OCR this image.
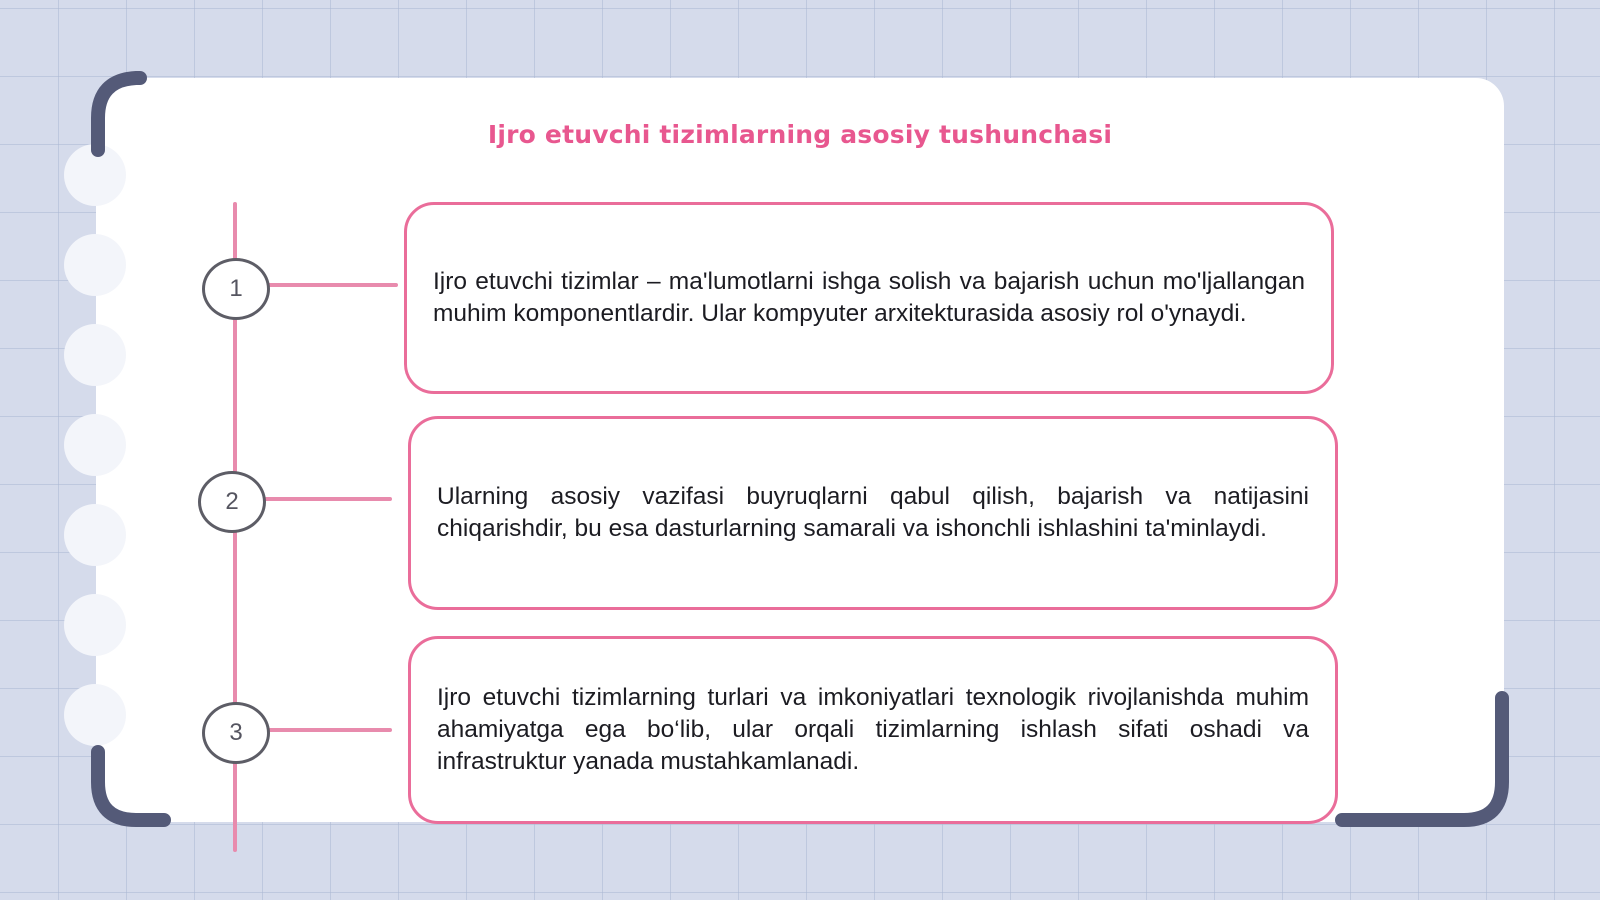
Ijro etuvchi tizimlarning asosiy tushunchasi
1
2
3
Ijro etuvchi tizimlar – ma'lumotlarni ishga solish va bajarish uchun mo'ljallangan muhim komponentlardir. Ular kompyuter arxitekturasida asosiy rol o'ynaydi.
Ularning asosiy vazifasi buyruqlarni qabul qilish, bajarish va natijasini chiqarishdir, bu esa dasturlarning samarali va ishonchli ishlashini ta'minlaydi.
Ijro etuvchi tizimlarning turlari va imkoniyatlari texnologik rivojlanishda muhim ahamiyatga ega bo‘lib, ular orqali tizimlarning ishlash sifati oshadi va infrastruktur yanada mustahkamlanadi.
